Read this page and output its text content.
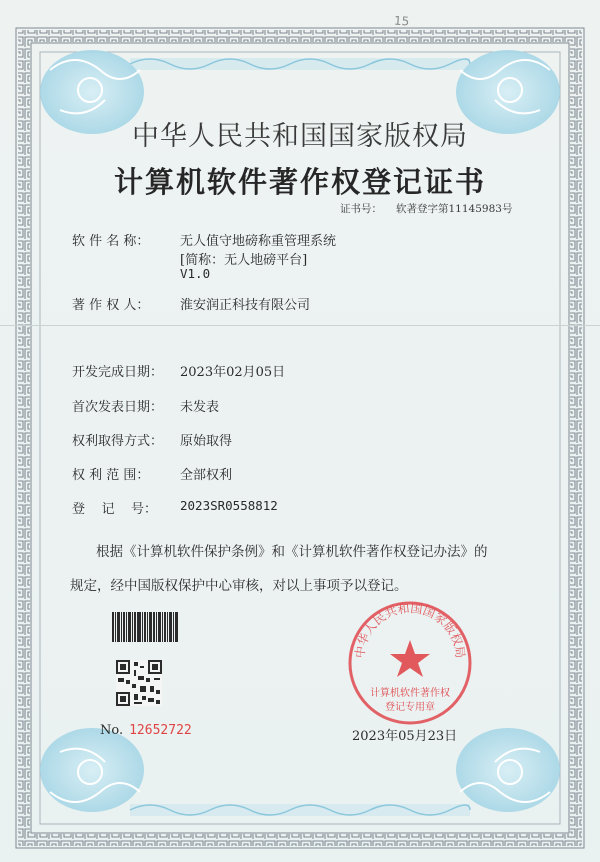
15
中华人民共和国国家版权局
计算机软件著作权登记证书
证书号： 软著登字第11145983号
软 件 名 称： 无人值守地磅称重管理系统
[简称：无人地磅平台]
V1.0
著 作 权 人： 淮安润正科技有限公司
开发完成日期： 2023年02月05日
首次发表日期： 未发表
权利取得方式： 原始取得
权 利 范 围： 全部权利
登    记    号： 2023SR0558812
根据《计算机软件保护条例》和《计算机软件著作权登记办法》的
规定，经中国版权保护中心审核，对以上事项予以登记。
No. 12652722
中华人民共和国国家版权局
计算机软件著作权
登记专用章
2023年05月23日
